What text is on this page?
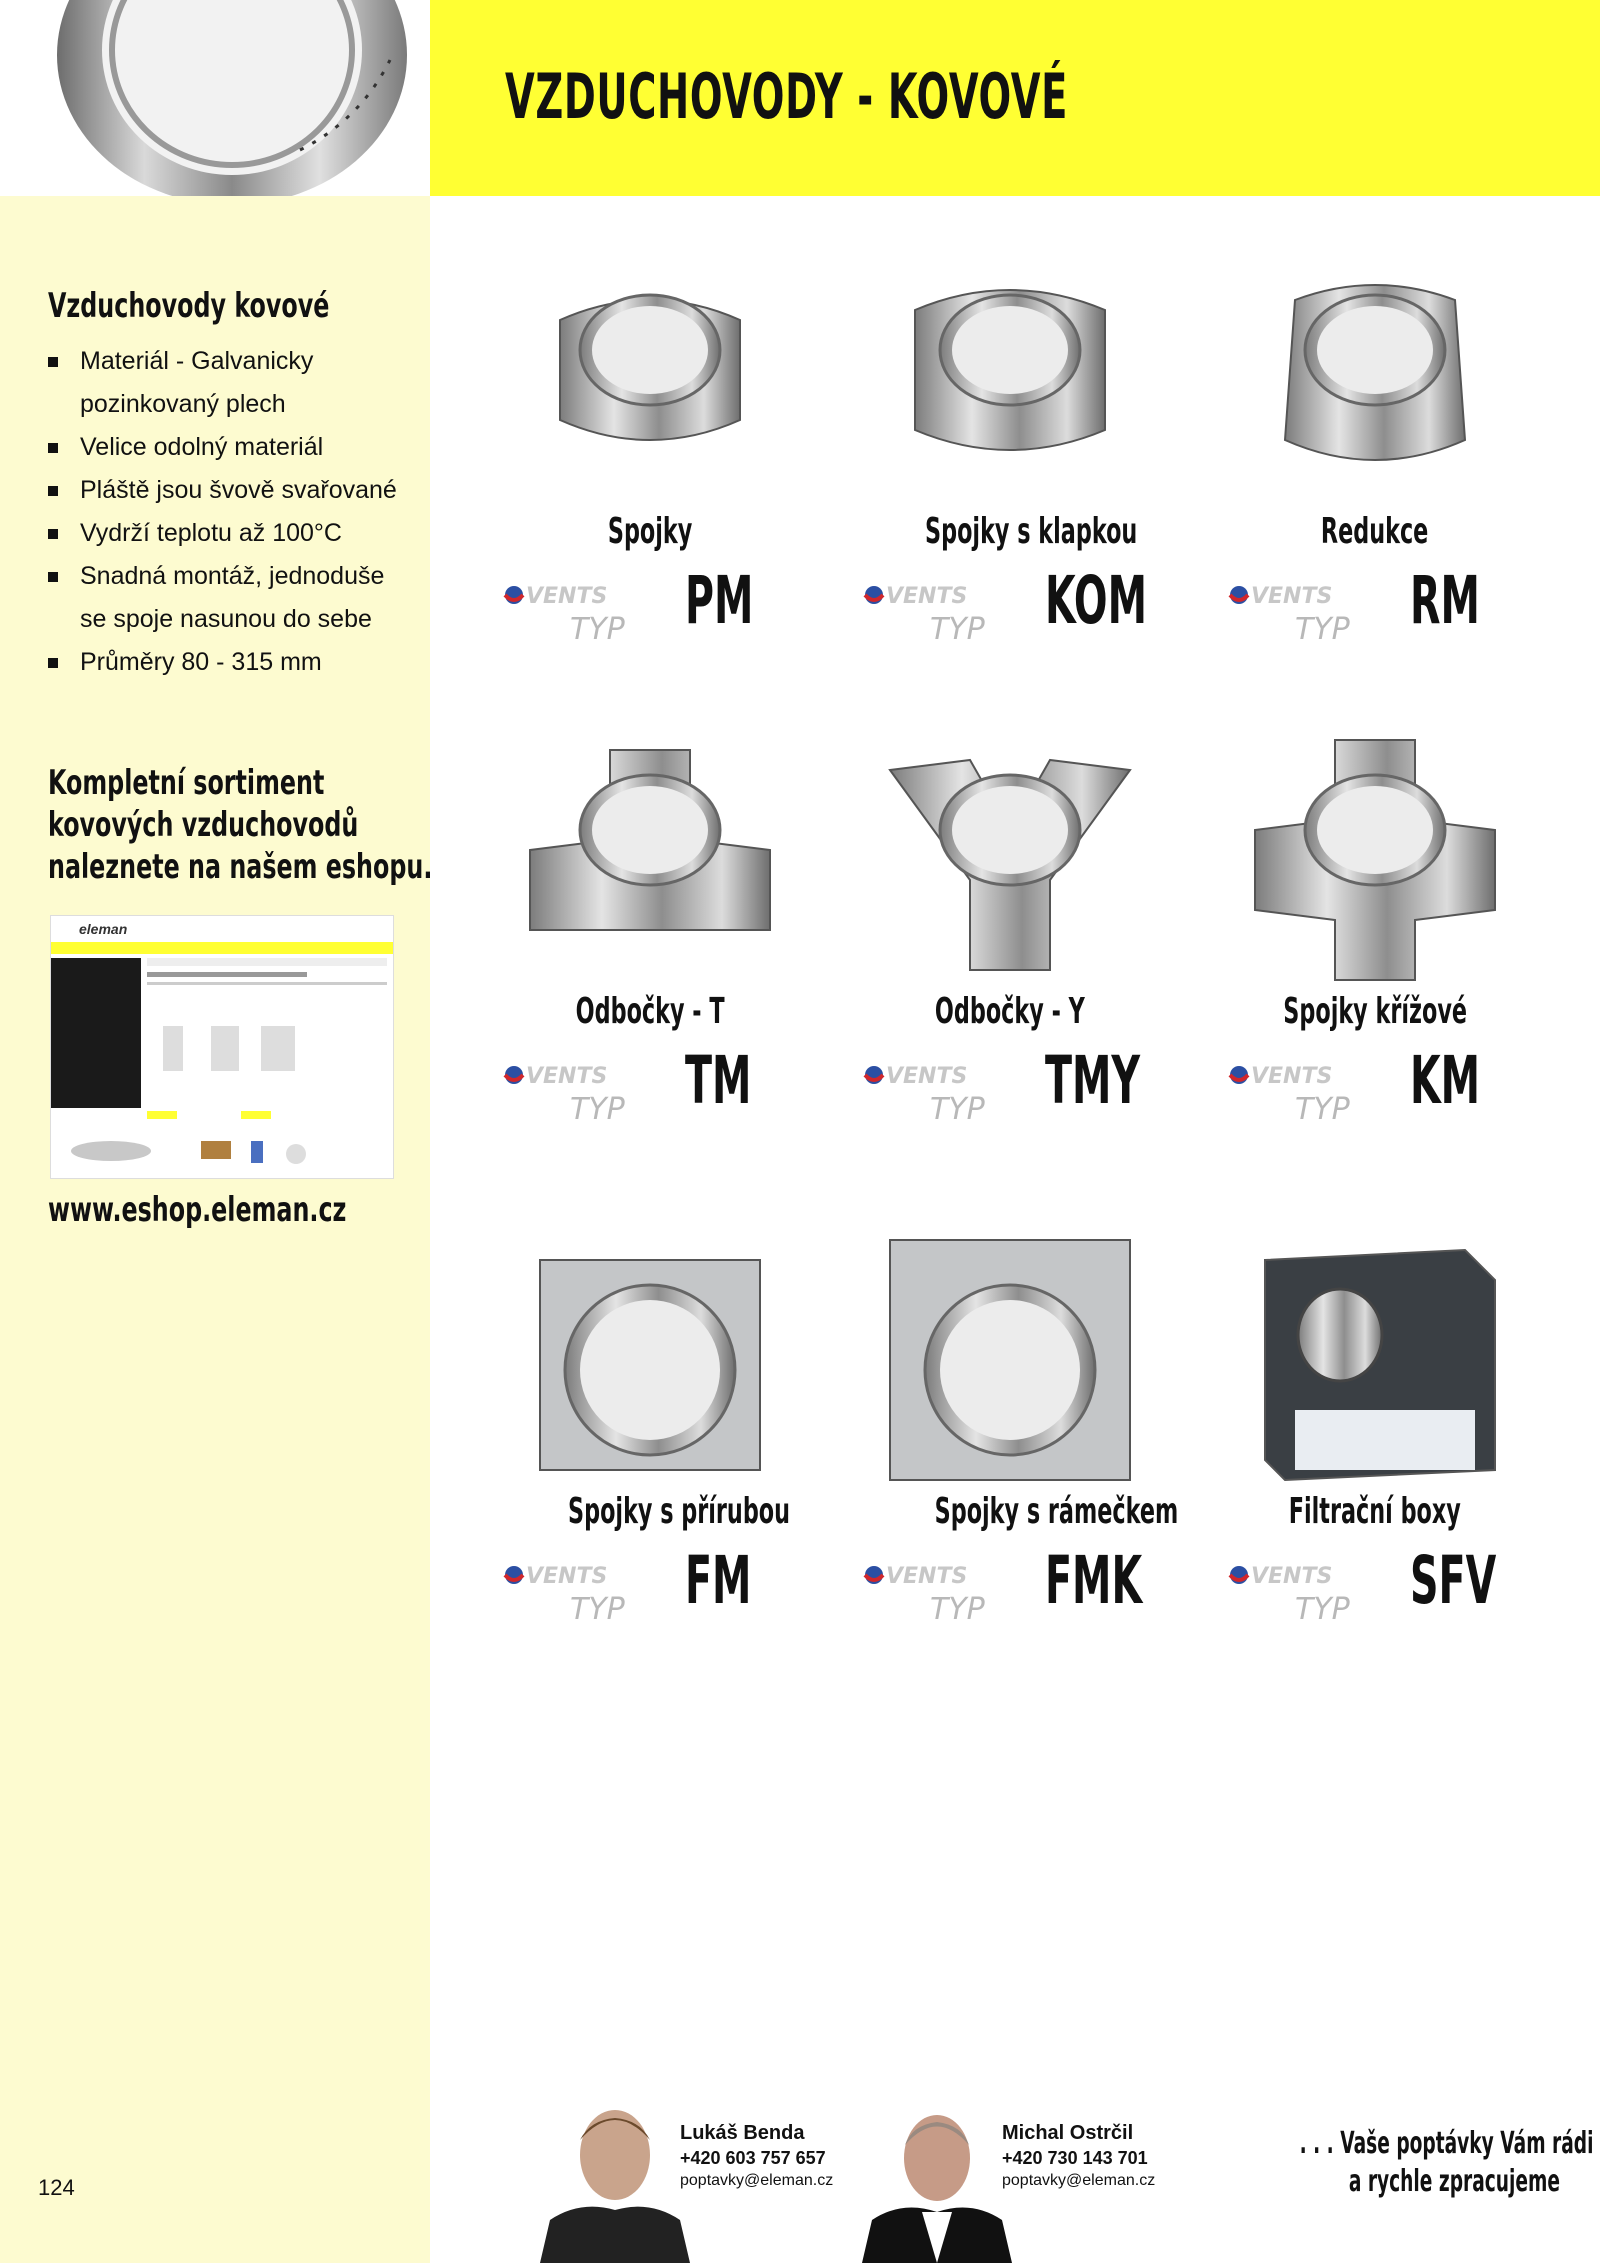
VZDUCHOVODY - KOVOVÉ
Vzduchovody kovové
Materiál - Galvanicky pozinkovaný plech
Velice odolný materiál
Pláště jsou švově svařované
Vydrží teplotu až 100°C
Snadná montáž, jednoduše se spoje nasunou do sebe
Průměry 80 - 315 mm

Kompletní sortiment kovových vzduchovodů naleznete na našem eshopu.

eleman
www.eshop.eleman.cz
124
Spojky
VENTS
TYP PM
Spojky s klapkou
VENTS
TYP KOM
Redukce
VENTS
TYP RM
Odbočky - T
VENTS
TYP TM
Odbočky - Y
VENTS
TYP TMY
Spojky křížové
VENTS
TYP KM
Spojky s přírubou
VENTS
TYP FM
Spojky s rámečkem
VENTS
TYP FMK
Filtrační boxy
VENTS
TYP SFV
Lukáš Benda
+420 603 757 657
poptavky@eleman.cz
Michal Ostrčil
+420 730 143 701
poptavky@eleman.cz

. . . Vaše poptávky Vám rádi
a rychle zpracujeme
